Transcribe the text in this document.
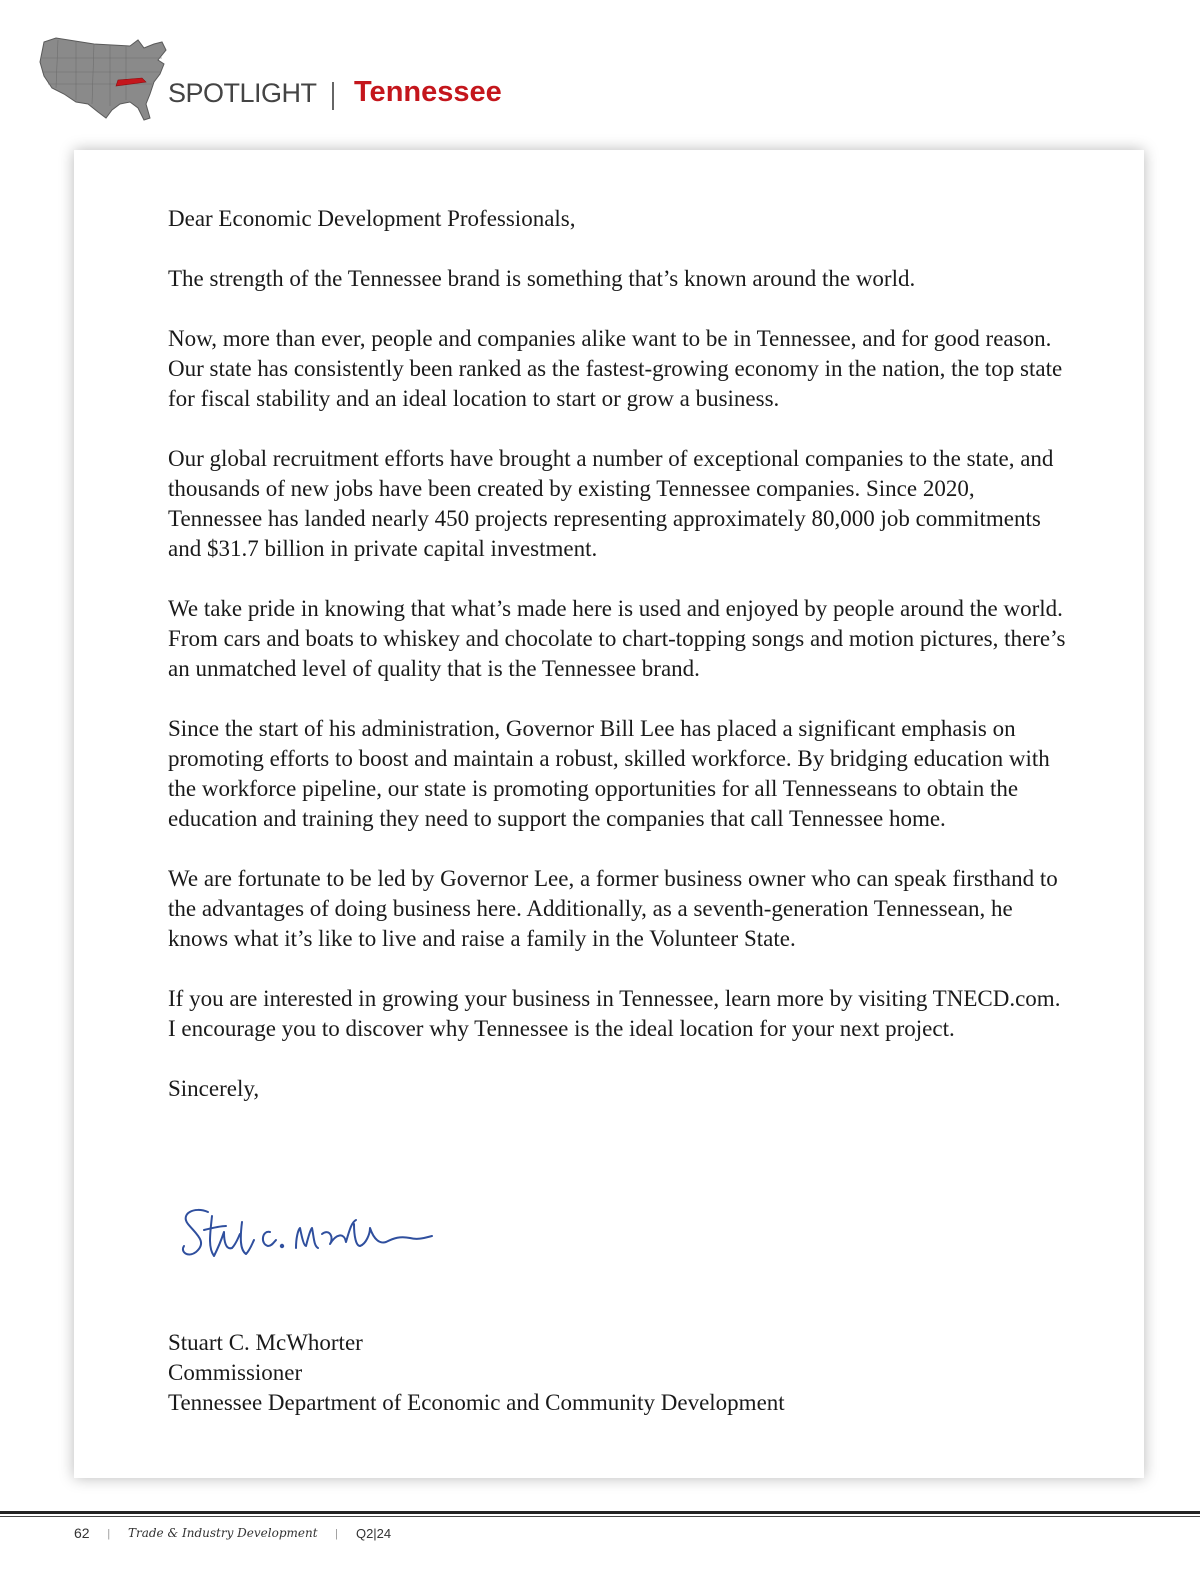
SPOTLIGHT Tennessee

Dear Economic Development Professionals,

The strength of the Tennessee brand is something that’s known around the world.

Now, more than ever, people and companies alike want to be in Tennessee, and for good reason. Our state has consistently been ranked as the fastest-growing economy in the nation, the top state for fiscal stability and an ideal location to start or grow a business.

Our global recruitment efforts have brought a number of exceptional companies to the state, and thousands of new jobs have been created by existing Tennessee companies. Since 2020, Tennessee has landed nearly 450 projects representing approximately 80,000 job commitments and $31.7 billion in private capital investment.

We take pride in knowing that what’s made here is used and enjoyed by people around the world. From cars and boats to whiskey and chocolate to chart-topping songs and motion pictures, there’s an unmatched level of quality that is the Tennessee brand.

Since the start of his administration, Governor Bill Lee has placed a significant emphasis on promoting efforts to boost and maintain a robust, skilled workforce. By bridging education with the workforce pipeline, our state is promoting opportunities for all Tennesseans to obtain the education and training they need to support the companies that call Tennessee home.

We are fortunate to be led by Governor Lee, a former business owner who can speak firsthand to the advantages of doing business here. Additionally, as a seventh-generation Tennessean, he knows what it’s like to live and raise a family in the Volunteer State.

If you are interested in growing your business in Tennessee, learn more by visiting TNECD.com. I encourage you to discover why Tennessee is the ideal location for your next project.

Sincerely,

Stuart C. McWhorter
Commissioner
Tennessee Department of Economic and Community Development
62 | Trade & Industry Development | Q2|24
